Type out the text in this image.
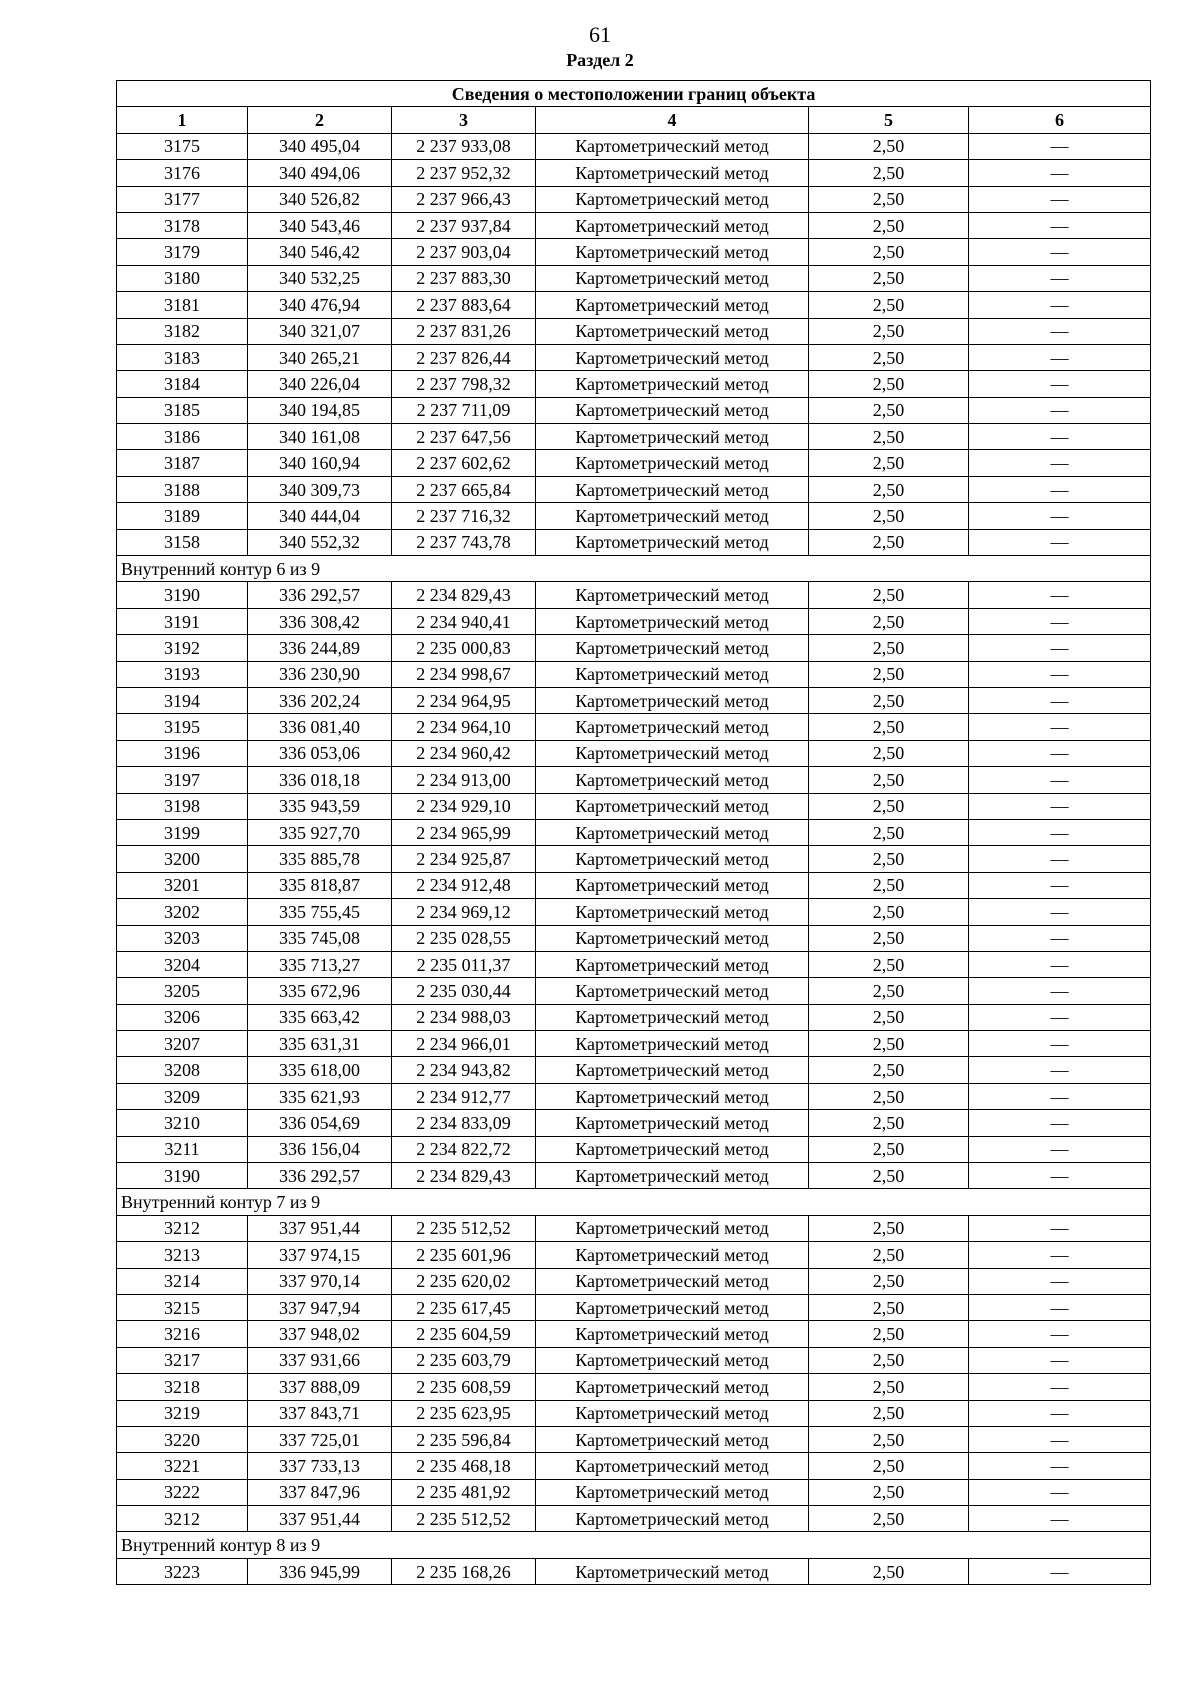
61
Раздел 2
Сведения о местоположении границ объекта					
1	2	3	4	5	6
3175	340 495,04	2 237 933,08	Картометрический метод	2,50	—
3176	340 494,06	2 237 952,32	Картометрический метод	2,50	—
3177	340 526,82	2 237 966,43	Картометрический метод	2,50	—
3178	340 543,46	2 237 937,84	Картометрический метод	2,50	—
3179	340 546,42	2 237 903,04	Картометрический метод	2,50	—
3180	340 532,25	2 237 883,30	Картометрический метод	2,50	—
3181	340 476,94	2 237 883,64	Картометрический метод	2,50	—
3182	340 321,07	2 237 831,26	Картометрический метод	2,50	—
3183	340 265,21	2 237 826,44	Картометрический метод	2,50	—
3184	340 226,04	2 237 798,32	Картометрический метод	2,50	—
3185	340 194,85	2 237 711,09	Картометрический метод	2,50	—
3186	340 161,08	2 237 647,56	Картометрический метод	2,50	—
3187	340 160,94	2 237 602,62	Картометрический метод	2,50	—
3188	340 309,73	2 237 665,84	Картометрический метод	2,50	—
3189	340 444,04	2 237 716,32	Картометрический метод	2,50	—
3158	340 552,32	2 237 743,78	Картометрический метод	2,50	—
Внутренний контур 6 из 9					
3190	336 292,57	2 234 829,43	Картометрический метод	2,50	—
3191	336 308,42	2 234 940,41	Картометрический метод	2,50	—
3192	336 244,89	2 235 000,83	Картометрический метод	2,50	—
3193	336 230,90	2 234 998,67	Картометрический метод	2,50	—
3194	336 202,24	2 234 964,95	Картометрический метод	2,50	—
3195	336 081,40	2 234 964,10	Картометрический метод	2,50	—
3196	336 053,06	2 234 960,42	Картометрический метод	2,50	—
3197	336 018,18	2 234 913,00	Картометрический метод	2,50	—
3198	335 943,59	2 234 929,10	Картометрический метод	2,50	—
3199	335 927,70	2 234 965,99	Картометрический метод	2,50	—
3200	335 885,78	2 234 925,87	Картометрический метод	2,50	—
3201	335 818,87	2 234 912,48	Картометрический метод	2,50	—
3202	335 755,45	2 234 969,12	Картометрический метод	2,50	—
3203	335 745,08	2 235 028,55	Картометрический метод	2,50	—
3204	335 713,27	2 235 011,37	Картометрический метод	2,50	—
3205	335 672,96	2 235 030,44	Картометрический метод	2,50	—
3206	335 663,42	2 234 988,03	Картометрический метод	2,50	—
3207	335 631,31	2 234 966,01	Картометрический метод	2,50	—
3208	335 618,00	2 234 943,82	Картометрический метод	2,50	—
3209	335 621,93	2 234 912,77	Картометрический метод	2,50	—
3210	336 054,69	2 234 833,09	Картометрический метод	2,50	—
3211	336 156,04	2 234 822,72	Картометрический метод	2,50	—
3190	336 292,57	2 234 829,43	Картометрический метод	2,50	—
Внутренний контур 7 из 9					
3212	337 951,44	2 235 512,52	Картометрический метод	2,50	—
3213	337 974,15	2 235 601,96	Картометрический метод	2,50	—
3214	337 970,14	2 235 620,02	Картометрический метод	2,50	—
3215	337 947,94	2 235 617,45	Картометрический метод	2,50	—
3216	337 948,02	2 235 604,59	Картометрический метод	2,50	—
3217	337 931,66	2 235 603,79	Картометрический метод	2,50	—
3218	337 888,09	2 235 608,59	Картометрический метод	2,50	—
3219	337 843,71	2 235 623,95	Картометрический метод	2,50	—
3220	337 725,01	2 235 596,84	Картометрический метод	2,50	—
3221	337 733,13	2 235 468,18	Картометрический метод	2,50	—
3222	337 847,96	2 235 481,92	Картометрический метод	2,50	—
3212	337 951,44	2 235 512,52	Картометрический метод	2,50	—
Внутренний контур 8 из 9					
3223	336 945,99	2 235 168,26	Картометрический метод	2,50	—
